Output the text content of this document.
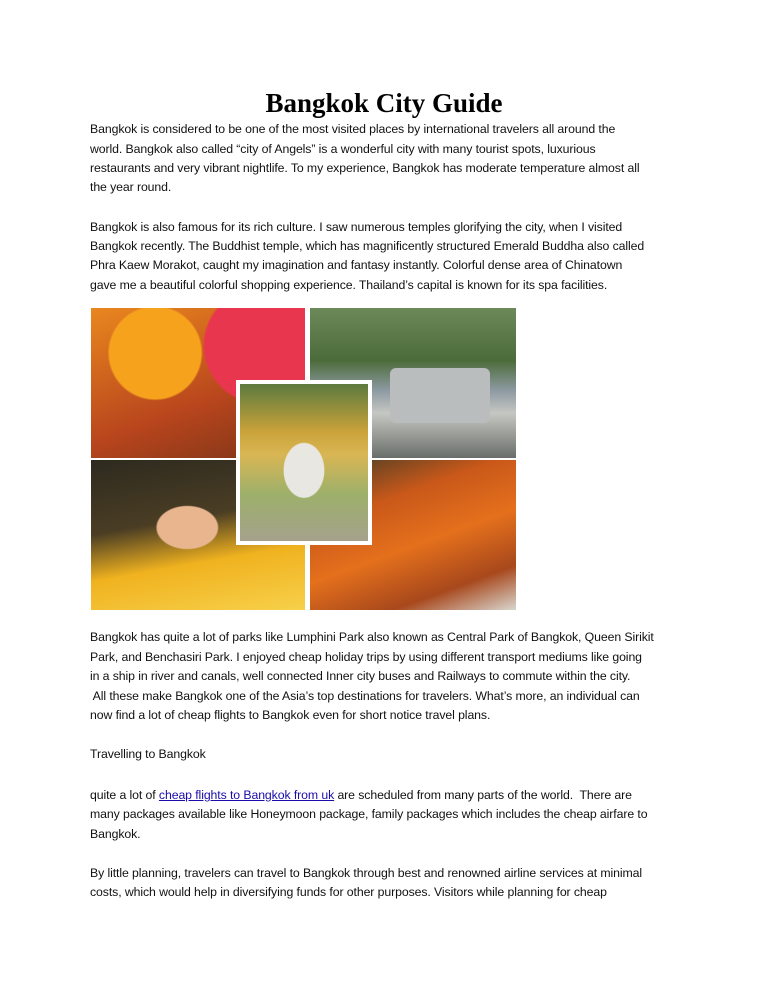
Bangkok City Guide
Bangkok is considered to be one of the most visited places by international travelers all around the
world. Bangkok also called “city of Angels” is a wonderful city with many tourist spots, luxurious
restaurants and very vibrant nightlife. To my experience, Bangkok has moderate temperature almost all
the year round.
Bangkok is also famous for its rich culture. I saw numerous temples glorifying the city, when I visited
Bangkok recently. The Buddhist temple, which has magnificently structured Emerald Buddha also called
Phra Kaew Morakot, caught my imagination and fantasy instantly. Colorful dense area of Chinatown
gave me a beautiful colorful shopping experience. Thailand’s capital is known for its spa facilities.
Bangkok has quite a lot of parks like Lumphini Park also known as Central Park of Bangkok, Queen Sirikit
Park, and Benchasiri Park. I enjoyed cheap holiday trips by using different transport mediums like going
in a ship in river and canals, well connected Inner city buses and Railways to commute within the city.
All these make Bangkok one of the Asia’s top destinations for travelers. What’s more, an individual can
now find a lot of cheap flights to Bangkok even for short notice travel plans.
Travelling to Bangkok
quite a lot of cheap flights to Bangkok from uk are scheduled from many parts of the world.  There are
many packages available like Honeymoon package, family packages which includes the cheap airfare to
Bangkok.
By little planning, travelers can travel to Bangkok through best and renowned airline services at minimal
costs, which would help in diversifying funds for other purposes. Visitors while planning for cheap
